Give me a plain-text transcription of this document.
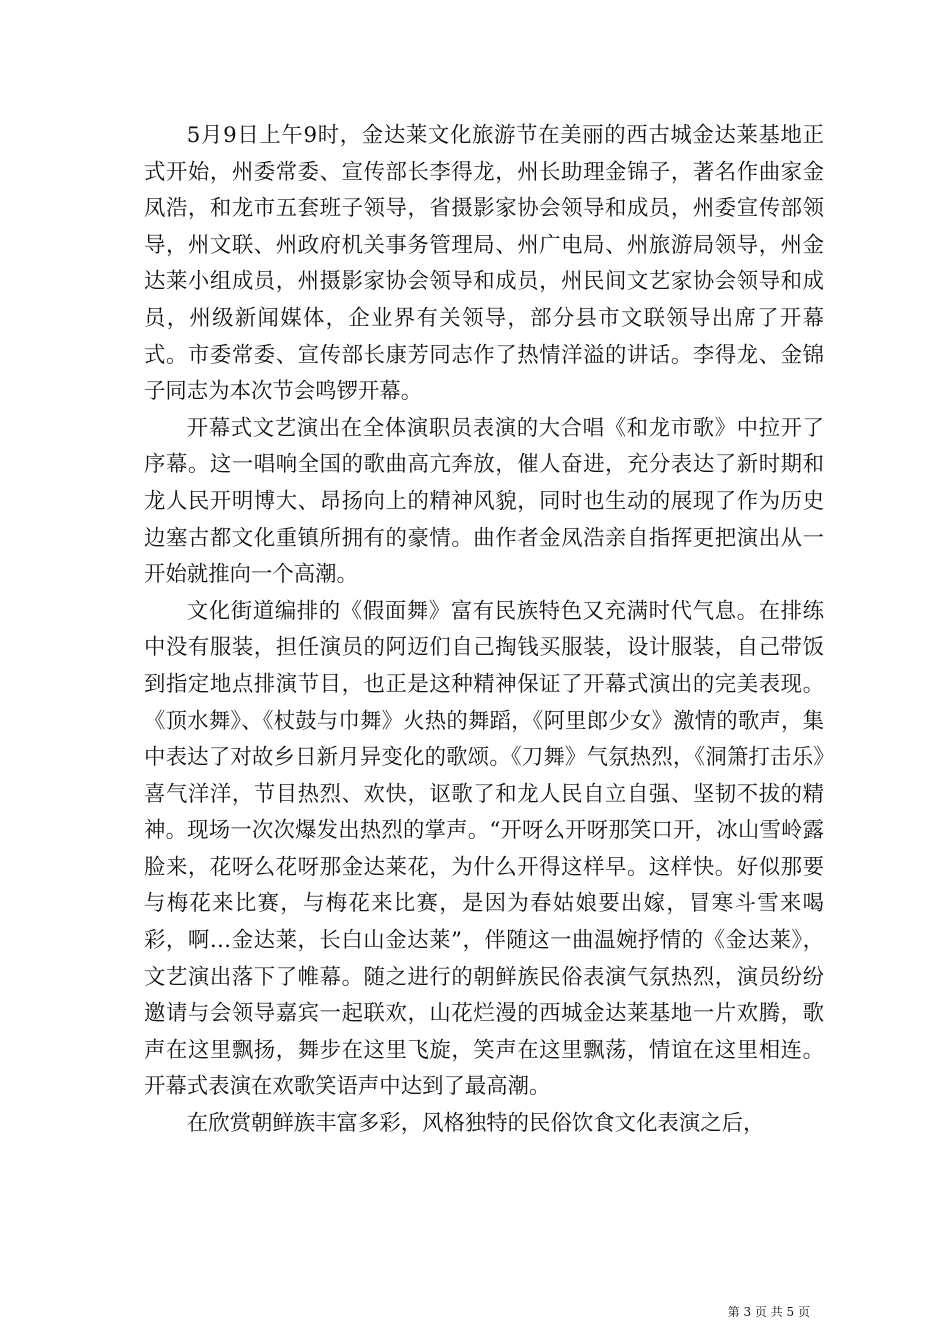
5月9日上午9时，金达莱文化旅游节在美丽的西古城金达莱基地正式开始，州委常委、宣传部长李得龙，州长助理金锦子，著名作曲家金凤浩，和龙市五套班子领导，省摄影家协会领导和成员，州委宣传部领导，州文联、州政府机关事务管理局、州广电局、州旅游局领导，州金达莱小组成员，州摄影家协会领导和成员，州民间文艺家协会领导和成员，州级新闻媒体，企业界有关领导，部分县市文联领导出席了开幕式。市委常委、宣传部长康芳同志作了热情洋溢的讲话。李得龙、金锦子同志为本次节会鸣锣开幕。

开幕式文艺演出在全体演职员表演的大合唱《和龙市歌》中拉开了序幕。这一唱响全国的歌曲高亢奔放，催人奋进，充分表达了新时期和龙人民开明博大、昂扬向上的精神风貌，同时也生动的展现了作为历史边塞古都文化重镇所拥有的豪情。曲作者金凤浩亲自指挥更把演出从一开始就推向一个高潮。

文化街道编排的《假面舞》富有民族特色又充满时代气息。在排练中没有服装，担任演员的阿迈们自己掏钱买服装，设计服装，自己带饭到指定地点排演节目，也正是这种精神保证了开幕式演出的完美表现。《顶水舞》、《杖鼓与巾舞》火热的舞蹈，《阿里郎少女》激情的歌声，集中表达了对故乡日新月异变化的歌颂。《刀舞》气氛热烈，《洞箫打击乐》喜气洋洋，节目热烈、欢快，讴歌了和龙人民自立自强、坚韧不拔的精神。现场一次次爆发出热烈的掌声。“开呀么开呀那笑口开，冰山雪岭露脸来，花呀么花呀那金达莱花，为什么开得这样早。这样快。好似那要与梅花来比赛，与梅花来比赛，是因为春姑娘要出嫁，冒寒斗雪来喝彩，啊…金达莱，长白山金达莱”，伴随这一曲温婉抒情的《金达莱》，文艺演出落下了帷幕。随之进行的朝鲜族民俗表演气氛热烈，演员纷纷邀请与会领导嘉宾一起联欢，山花烂漫的西城金达莱基地一片欢腾，歌声在这里飘扬，舞步在这里飞旋，笑声在这里飘荡，情谊在这里相连。开幕式表演在欢歌笑语声中达到了最高潮。

在欣赏朝鲜族丰富多彩，风格独特的民俗饮食文化表演之后，

第 3 页 共 5 页
